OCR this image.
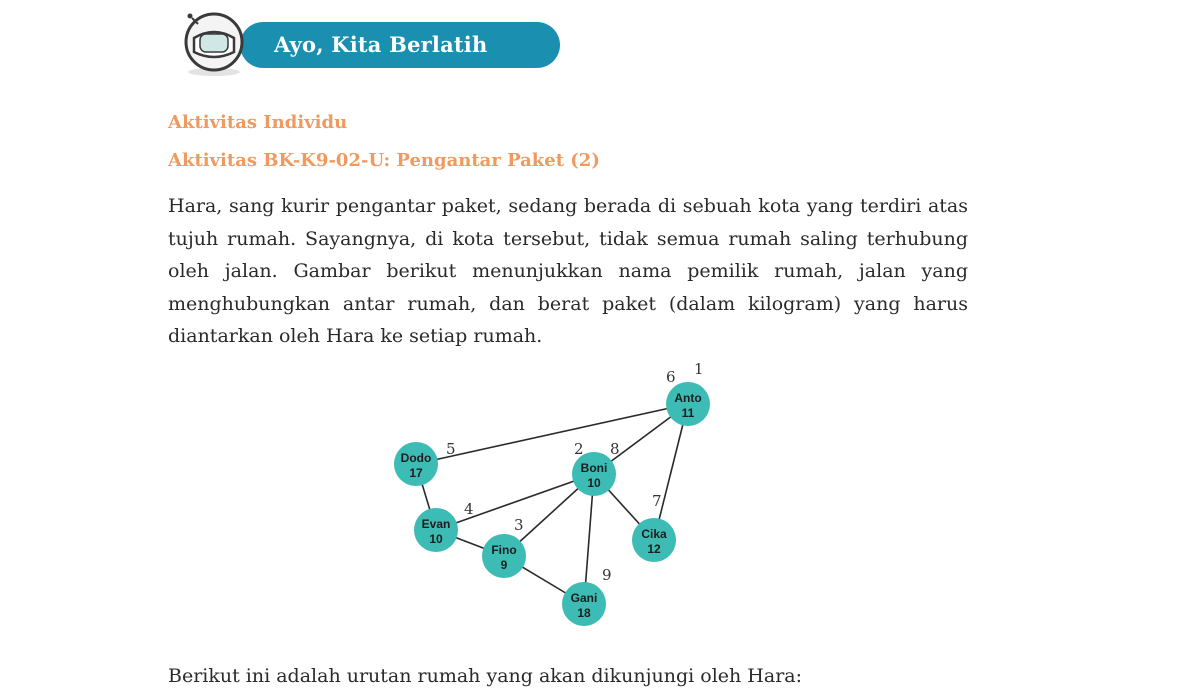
Ayo, Kita Berlatih
Aktivitas Individu
Aktivitas BK-K9-02-U: Pengantar Paket (2)
Hara, sang kurir pengantar paket, sedang berada di sebuah kota yang terdiri atas tujuh rumah. Sayangnya, di kota tersebut, tidak semua rumah saling terhubung oleh jalan. Gambar berikut menunjukkan nama pemilik rumah, jalan yang menghubungkan antar rumah, dan berat paket (dalam kilogram) yang harus diantarkan oleh Hara ke setiap rumah.
Anto
11
1
6
Dodo
17
5
Boni
10
8
2
Evan
10
4
Fino
9
3	Cika
12
7
Gani
18
9
Berikut ini adalah urutan rumah yang akan dikunjungi oleh Hara:
